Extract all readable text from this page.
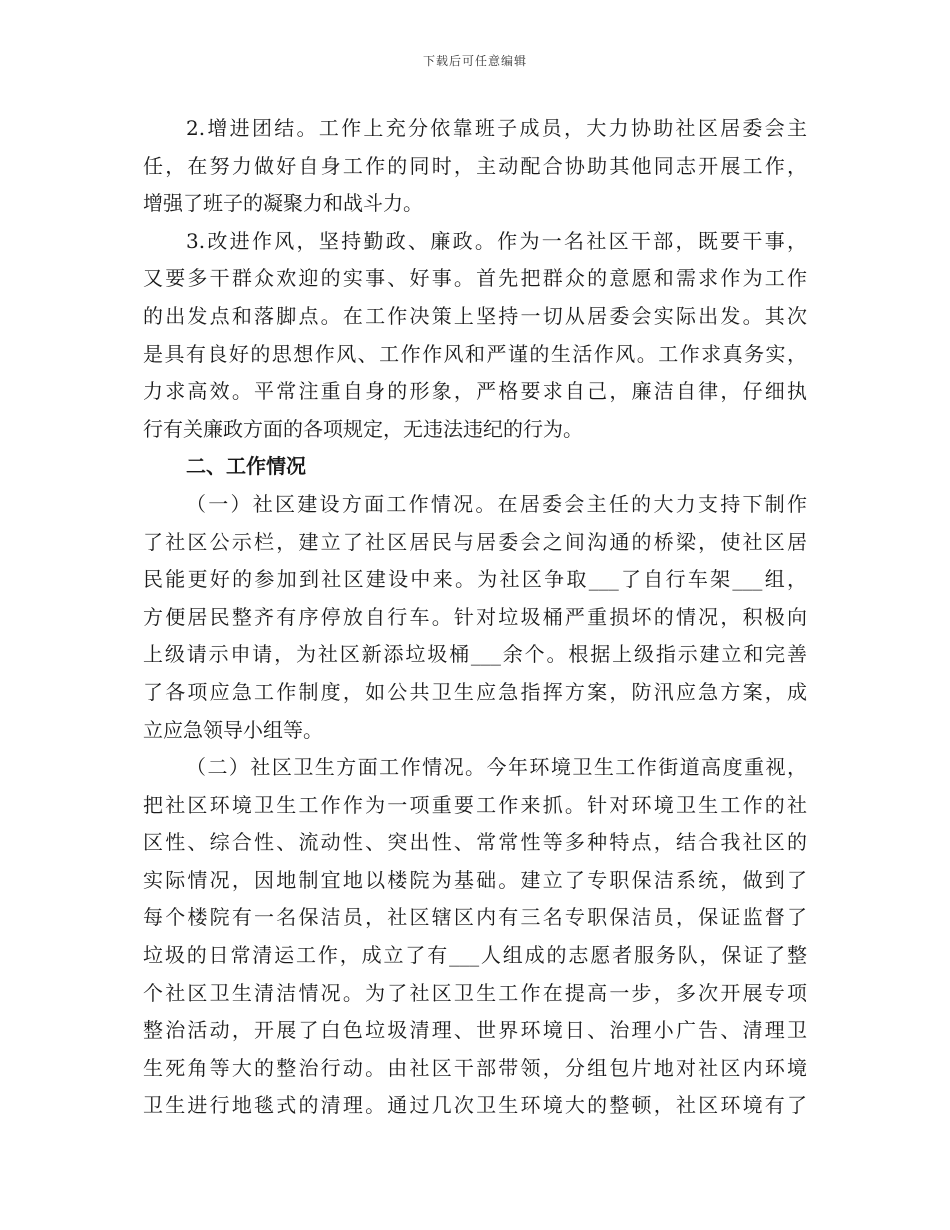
下载后可任意编辑
2.增进团结。工作上充分依靠班子成员，大力协助社区居委会主
任，在努力做好自身工作的同时，主动配合协助其他同志开展工作，
增强了班子的凝聚力和战斗力。
3.改进作风，坚持勤政、廉政。作为一名社区干部，既要干事，
又要多干群众欢迎的实事、好事。首先把群众的意愿和需求作为工作
的出发点和落脚点。在工作决策上坚持一切从居委会实际出发。其次
是具有良好的思想作风、工作作风和严谨的生活作风。工作求真务实，
力求高效。平常注重自身的形象，严格要求自己，廉洁自律，仔细执
行有关廉政方面的各项规定，无违法违纪的行为。
二、工作情况
（一）社区建设方面工作情况。在居委会主任的大力支持下制作
了社区公示栏，建立了社区居民与居委会之间沟通的桥梁，使社区居
民能更好的参加到社区建设中来。为社区争取___了自行车架___组，
方便居民整齐有序停放自行车。针对垃圾桶严重损坏的情况，积极向
上级请示申请，为社区新添垃圾桶___余个。根据上级指示建立和完善
了各项应急工作制度，如公共卫生应急指挥方案，防汛应急方案，成
立应急领导小组等。
（二）社区卫生方面工作情况。今年环境卫生工作街道高度重视，
把社区环境卫生工作作为一项重要工作来抓。针对环境卫生工作的社
区性、综合性、流动性、突出性、常常性等多种特点，结合我社区的
实际情况，因地制宜地以楼院为基础。建立了专职保洁系统，做到了
每个楼院有一名保洁员，社区辖区内有三名专职保洁员，保证监督了
垃圾的日常清运工作，成立了有___人组成的志愿者服务队，保证了整
个社区卫生清洁情况。为了社区卫生工作在提高一步，多次开展专项
整治活动，开展了白色垃圾清理、世界环境日、治理小广告、清理卫
生死角等大的整治行动。由社区干部带领，分组包片地对社区内环境
卫生进行地毯式的清理。通过几次卫生环境大的整顿，社区环境有了
